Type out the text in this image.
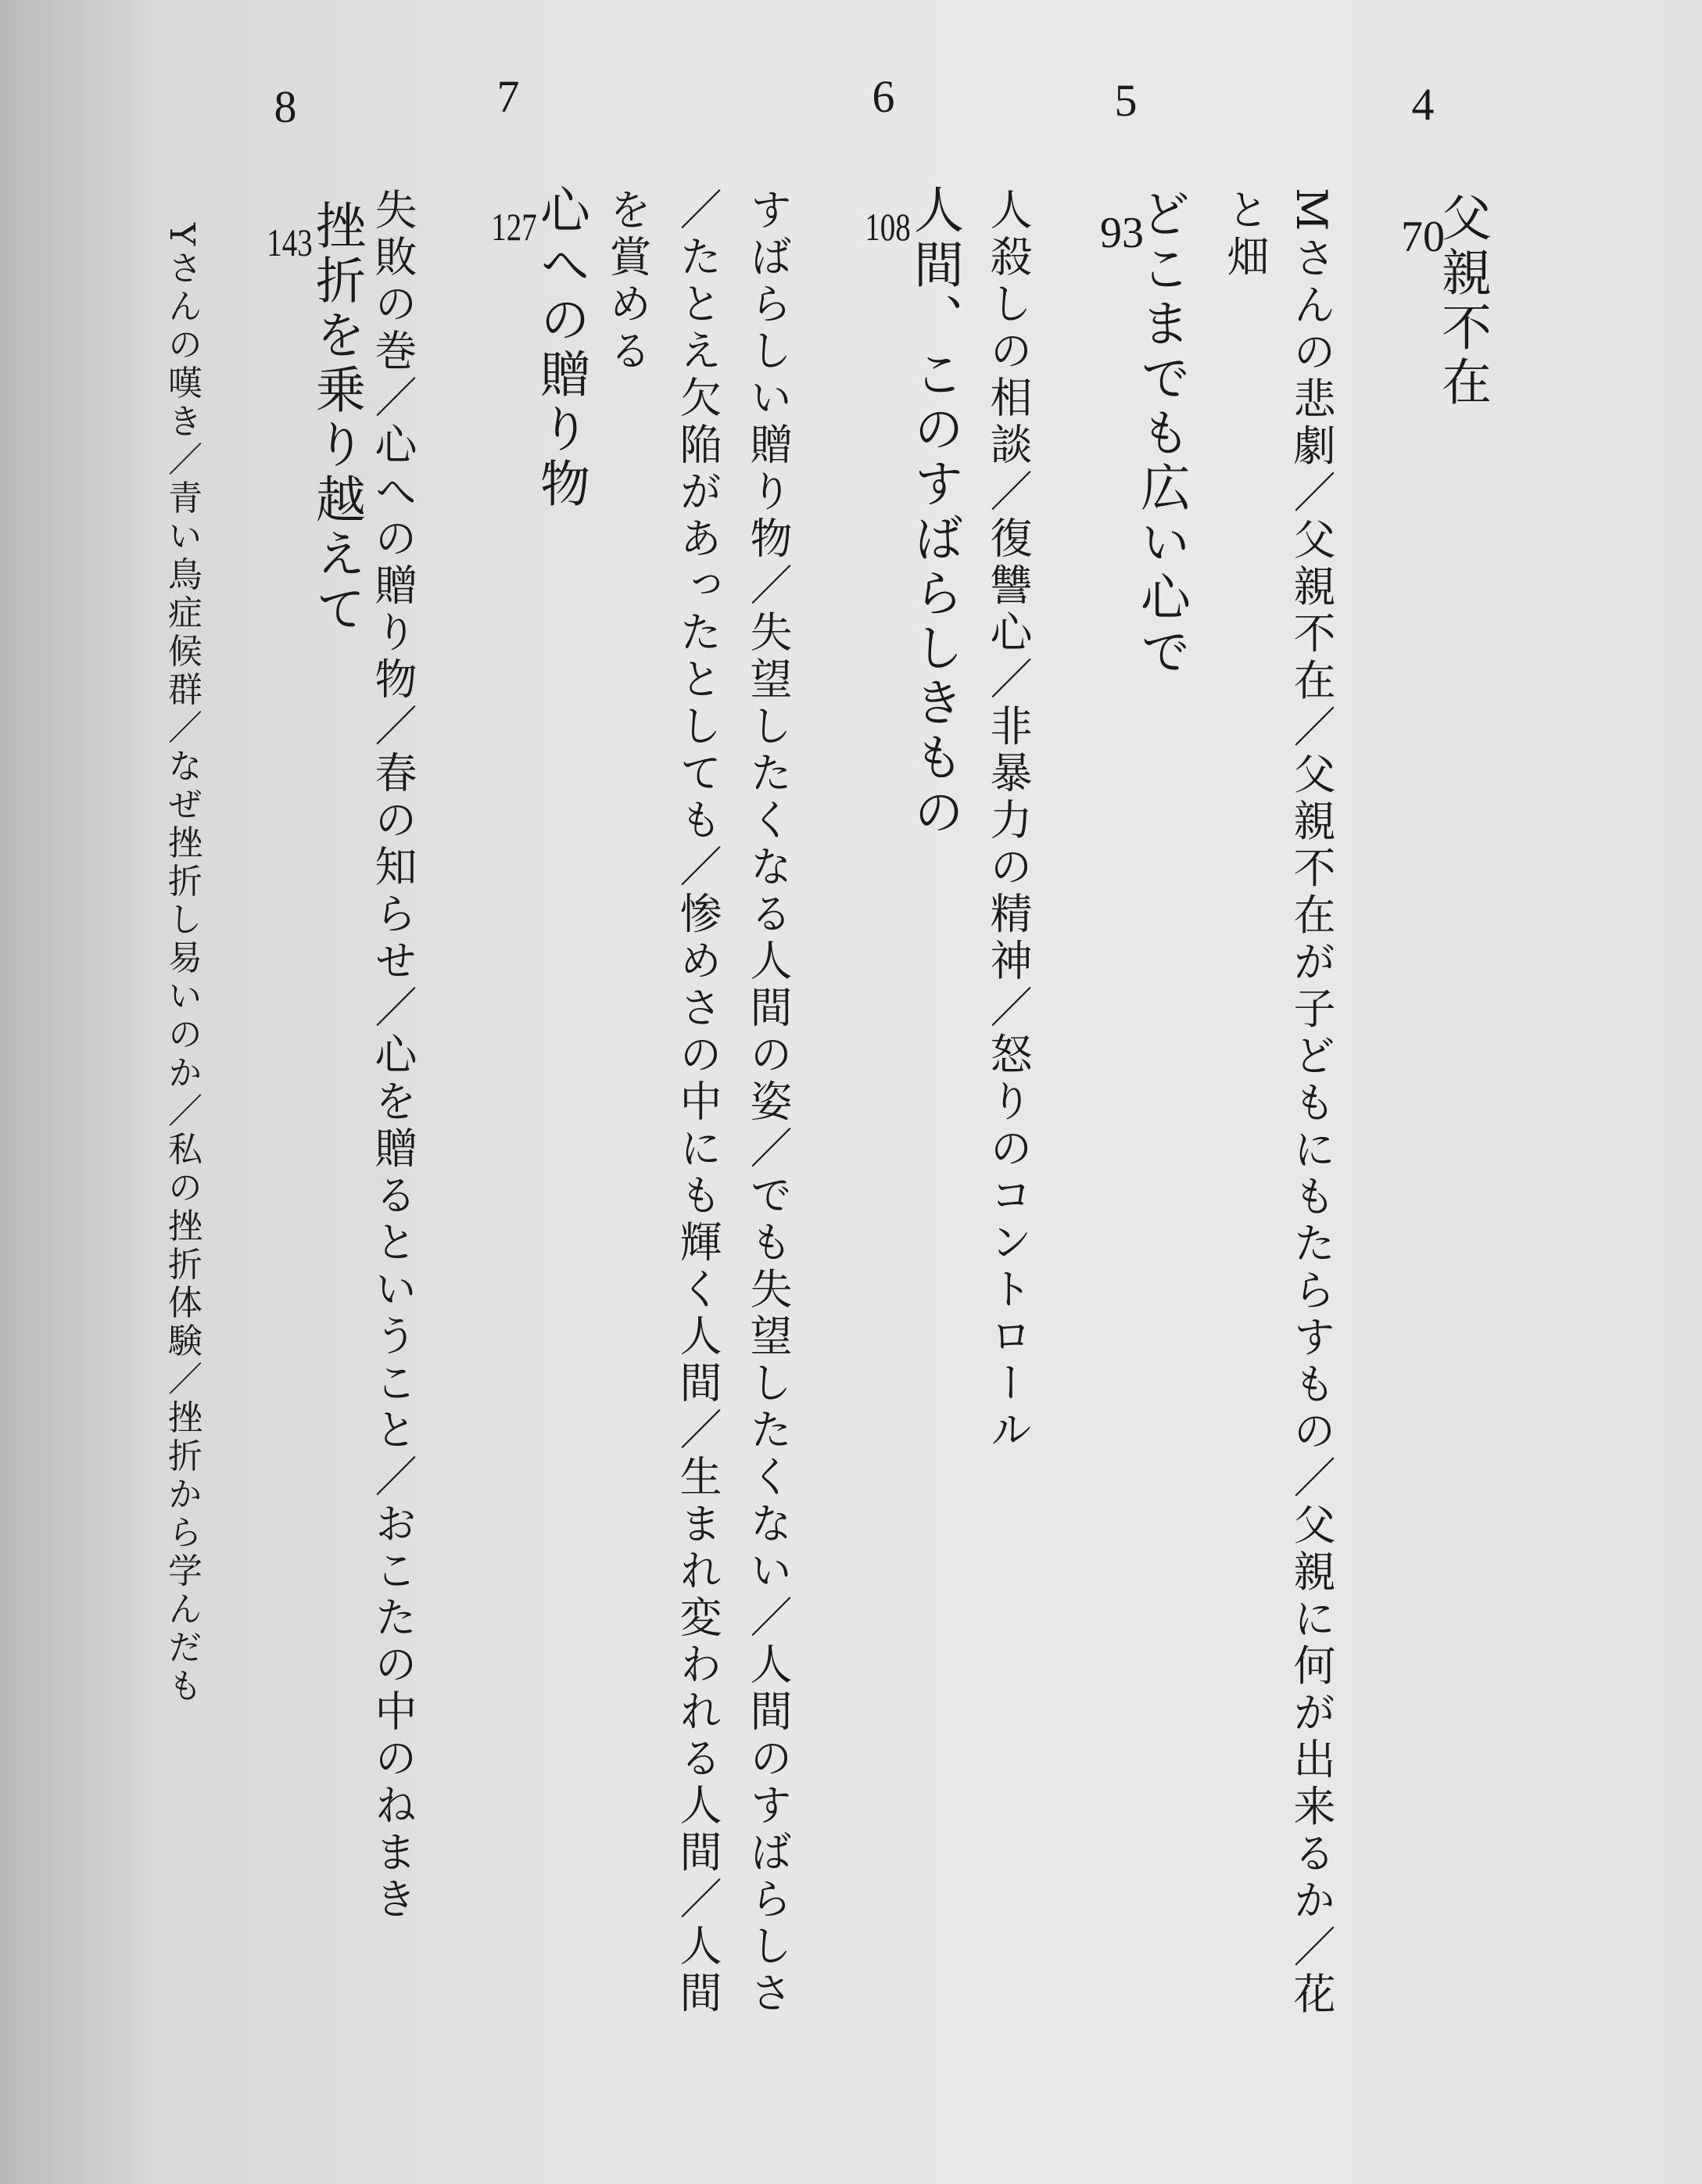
4
父親不在
70
Mさんの悲劇／父親不在／父親不在が子どもにもたらすもの／父親に何が出来るか／花
と畑
5
どこまでも広い心で
93
人殺しの相談／復讐心／非暴力の精神／怒りのコントロール
6
人間、このすばらしきもの
108
すばらしい贈り物／失望したくなる人間の姿／でも失望したくない／人間のすばらしさ
／たとえ欠陥があったとしても／惨めさの中にも輝く人間／生まれ変われる人間／人間
を賞める
7
心への贈り物
127
失敗の巻／心への贈り物／春の知らせ／心を贈るということ／おこたの中のねまき
8
挫折を乗り越えて
143
Yさんの嘆き／青い鳥症候群／なぜ挫折し易いのか／私の挫折体験／挫折から学んだも
